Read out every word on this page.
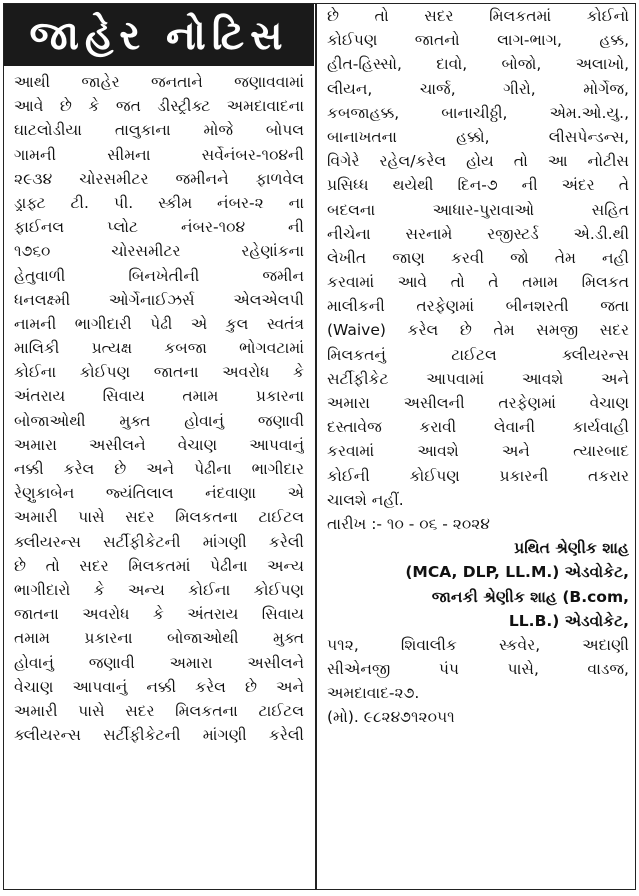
જાહેર નોટિસ
આથી જાહેર જનતાને જણાવવામાં
આવે છે કે જત ડીસ્ટ્રીક્ટ અમદાવાદના
ઘાટલોડીયા તાલુકાના મોજે બોપલ
ગામની સીમના સર્વેનંબર-૧૦૪ની
૨૯૩૪ ચોરસમીટર જમીનને ફાળવેલ
ડ્રાફ્ટ ટી. પી. સ્કીમ નંબર-૨ ના
ફાઈનલ પ્લોટ નંબર-૧૦૪ ની
૧૭૬૦ ચોરસમીટર રહેણાંકના
હેતુવાળી બિનખેતીની જમીન
ધનલક્ષ્મી ઓર્ગેનાઈઝર્સ એલએલપી
નામની ભાગીદારી પેઢી એ કુલ સ્વતંત્ર
માલિકી પ્રત્યક્ષ કબજા ભોગવટામાં
કોઈના કોઈપણ જાતના અવરોધ કે
અંતરાય સિવાય તમામ પ્રકારના
બોજાઓથી મુક્ત હોવાનું જણાવી
અમારા અસીલને વેચાણ આપવાનું
નક્કી કરેલ છે અને પેઢીના ભાગીદાર
રેણુકાબેન જ્યંતિલાલ નંદવાણા એ
અમારી પાસે સદર મિલકતના ટાઈટલ
ક્લીયરન્સ સર્ટીફીકેટની માંગણી કરેલી
છે તો સદર મિલકતમાં પેઢીના અન્ય
ભાગીદારો કે અન્ય કોઈના કોઈપણ
જાતના અવરોધ કે અંતરાય સિવાય
તમામ પ્રકારના બોજાઓથી મુક્ત
હોવાનું જણાવી અમારા અસીલને
વેચાણ આપવાનું નક્કી કરેલ છે અને
અમારી પાસે સદર મિલકતના ટાઈટલ
ક્લીયરન્સ સર્ટીફીકેટની માંગણી કરેલી
છે તો સદર મિલકતમાં કોઈનો
કોઈપણ જાતનો લાગ-ભાગ, હક્ક,
હીત-હિસ્સો, દાવો, બોજો, અલાખો,
લીયન, ચાર્જ, ગીરો, મોર્ગેજ,
કબજાહક્ક, બાનાચીઠ્ઠી, એમ.ઓ.યુ.,
બાનાખતના હક્કો, લીસપેન્ડન્સ,
વિગેરે રહેલ/કરેલ હોય તો આ નોટીસ
પ્રસિધ્ધ થયેથી દિન-૭ ની અંદર તે
બદલના આધાર-પુરાવાઓ સહિત
નીચેના સરનામે રજીસ્ટર્ડ એ.ડી.થી
લેખીત જાણ કરવી જો તેમ નહી
કરવામાં આવે તો તે તમામ મિલકત
માલીકની તરફેણમાં બીનશરતી જતા
(Waive) કરેલ છે તેમ સમજી સદર
મિલકતનું ટાઈટલ ક્લીયરન્સ
સર્ટીફીકેટ આપવામાં આવશે અને
અમારા અસીલની તરફેણમાં વેચાણ
દસ્તાવેજ કરાવી લેવાની કાર્યવાહી
કરવામાં આવશે અને ત્યારબાદ
કોઈની કોઈપણ પ્રકારની તકરાર
ચાલશે નહીં.
તારીખ :- ૧૦ - ૦૬ - ૨૦૨૪
પ્રથિત શ્રેણીક શાહ
(MCA, DLP, LL.M.) એડવોકેટ,
જાનકી શ્રેણીક શાહ (B.com,
LL.B.) એડવોકેટ,
૫૧૨, શિવાલીક સ્કવેર, અદાણી
સીએનજી પંપ પાસે, વાડજ,
અમદાવાદ-૨૭.
(મો). ૯૮૨૪૭૧૨૦૫૧
